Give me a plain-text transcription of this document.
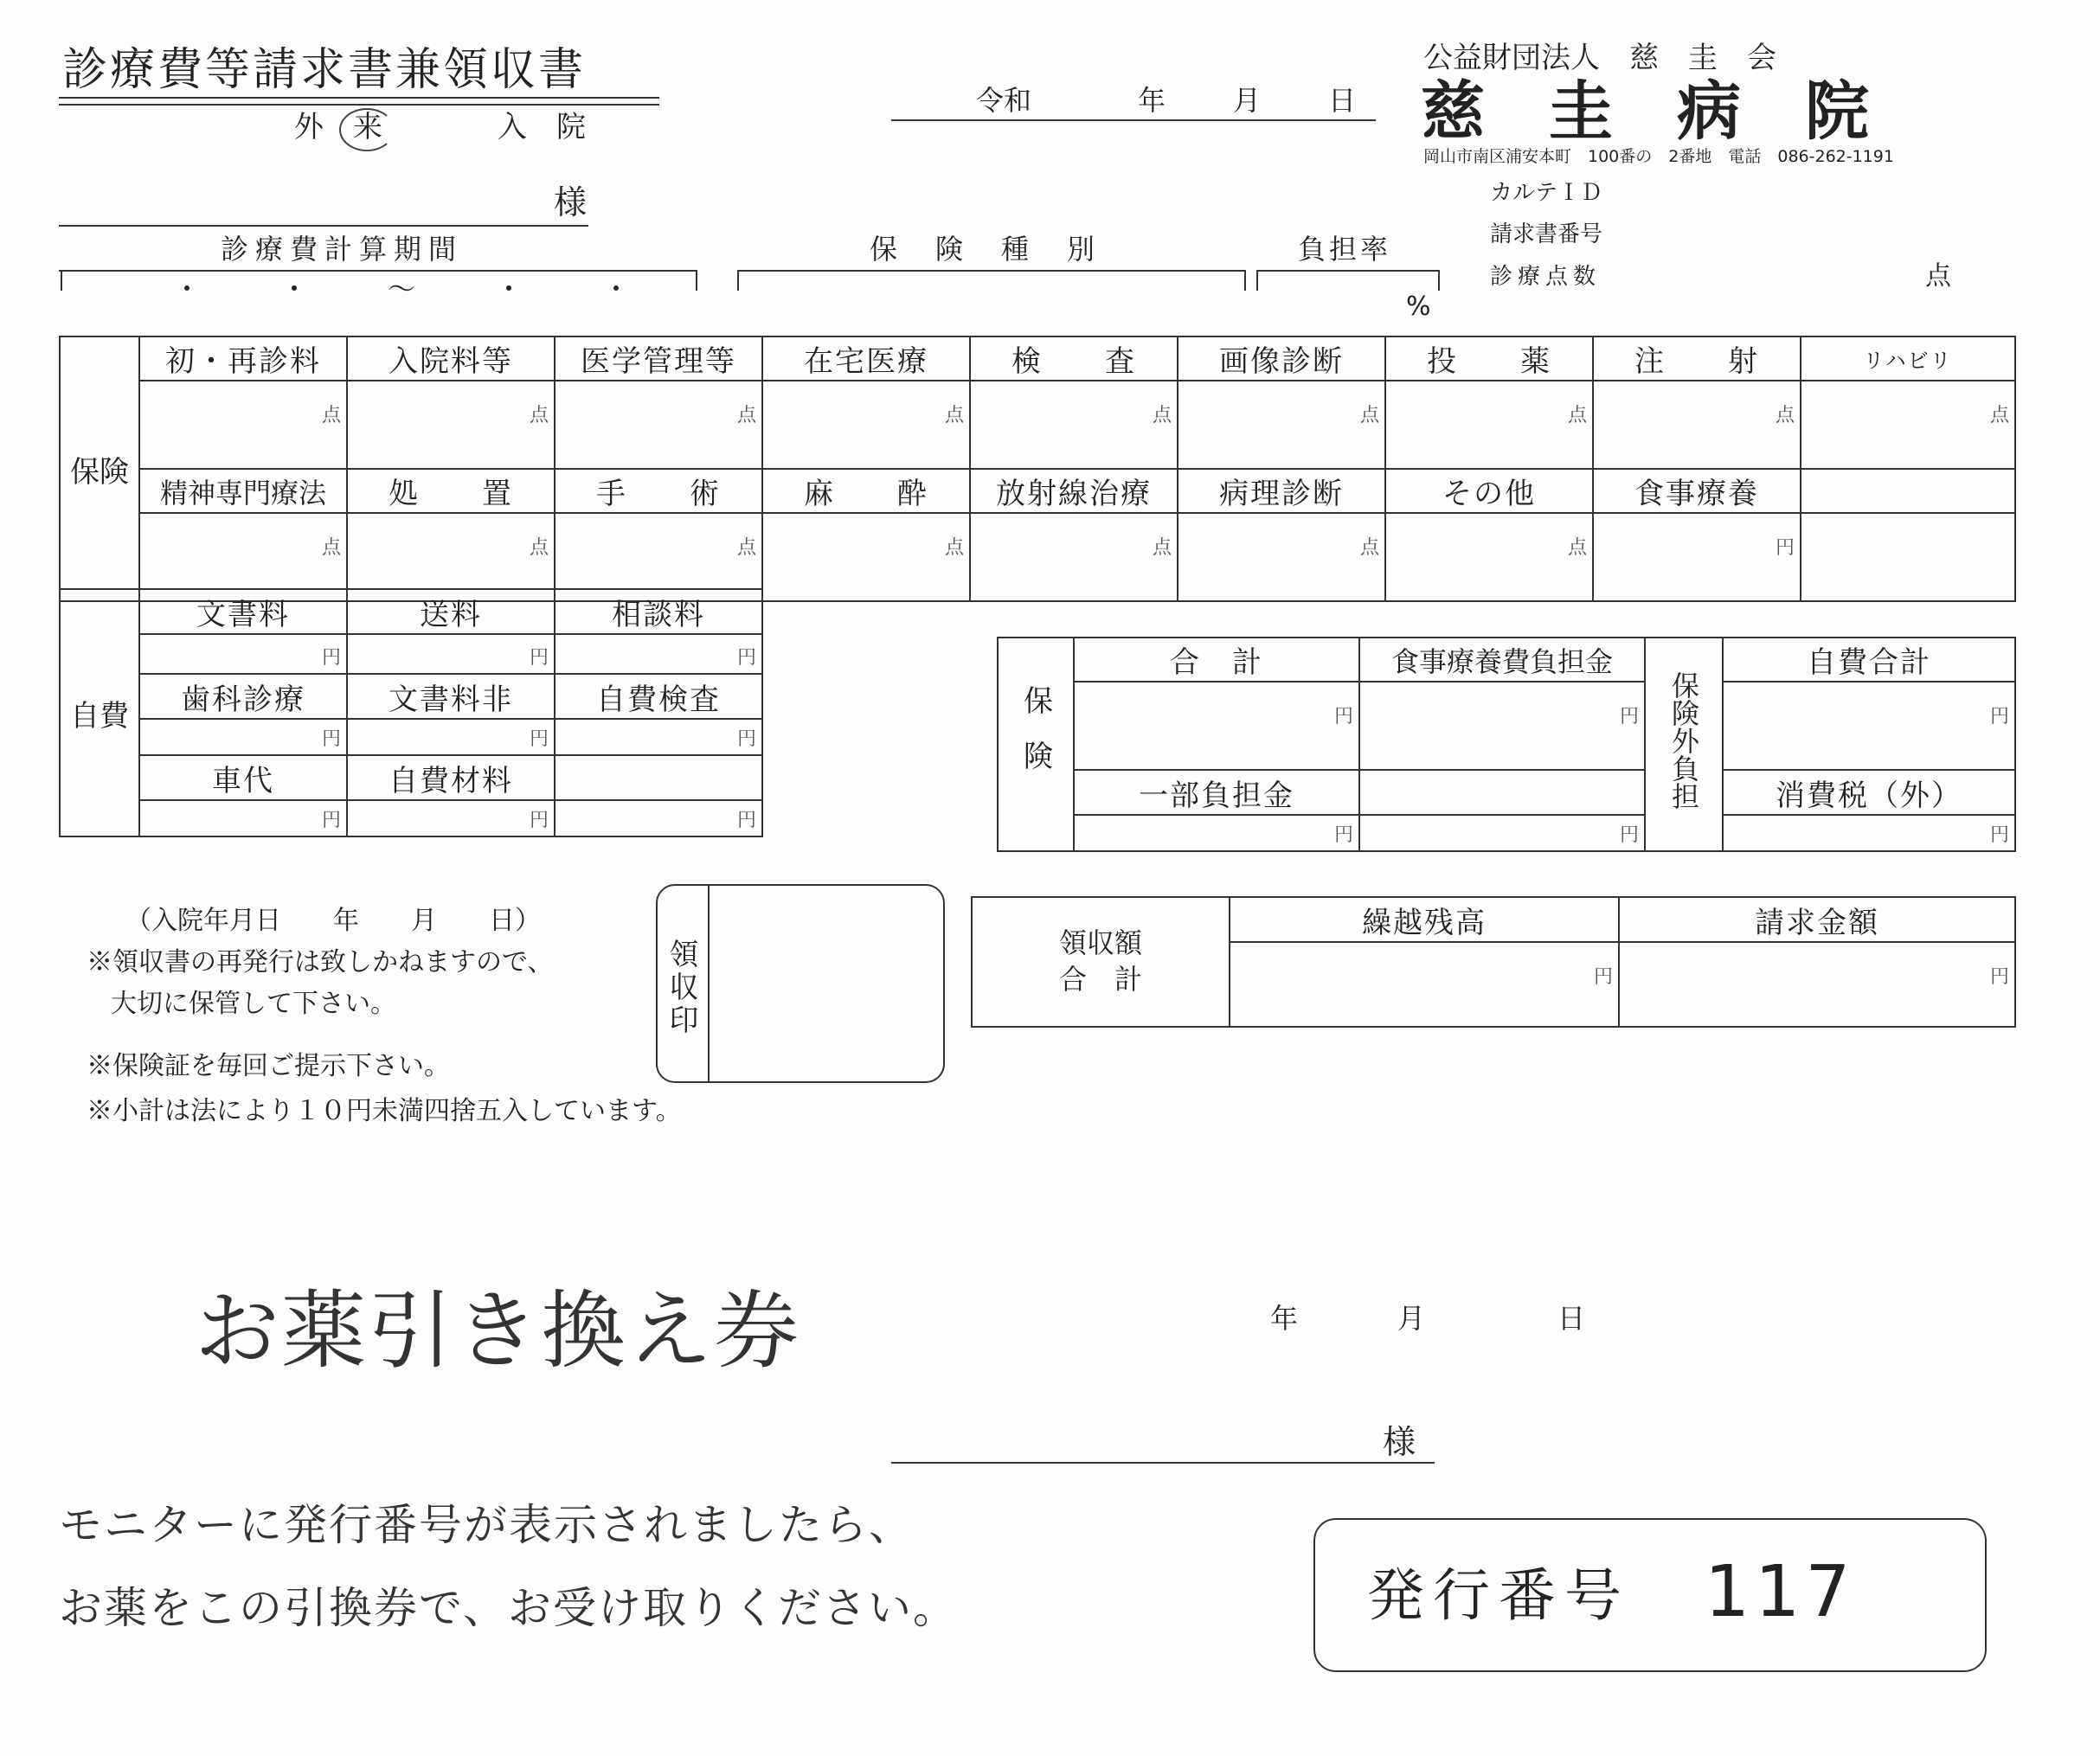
診療費等請求書兼領収書
外　来	入　院
令和	年 月 日
様
公益財団法人　慈　圭　会
慈　圭　病　院
岡山市南区浦安本町　100番の　2番地　電話　086-262-1191
カルテＩＤ
請求書番号
診療点数	点
診療費計算期間
・　・　〜　・　・
保　険　種　別	負担率
%
保険	初・再診料	入院料等	医学管理等	在宅医療	検　　査	画像診断	投　　薬	注　　射	リハビリ

	点	点	点	点	点	点	点	点	点

	精神専門療法	処　　置	手　　術	麻　　酔	放射線治療	病理診断	その他	食事療養	

	点	点	点	点	点	点	点	円	

自費	文書料	送料	相談料

	円	円	円

	歯科診療	文書料非	自費検査

	円	円	円

	車代	自費材料	

	円	円	円
保険	合　計	食事療養費負担金	保険外負担	自費合計

	円	円		円

	一部負担金			消費税（外）

	円	円		円
（入院年月日　　年　　月　　日）
※領収書の再発行は致しかねますので、
大切に保管して下さい。
※保険証を毎回ご提示下さい。
※小計は法により１０円未満四捨五入しています。
領収印	領収額　合　計	繰越残高	請求金額

	円	円
お薬引き換え券	年	月	日
様
モニターに発行番号が表示されましたら、
お薬をこの引換券で、お受け取りください。	発行番号 117
